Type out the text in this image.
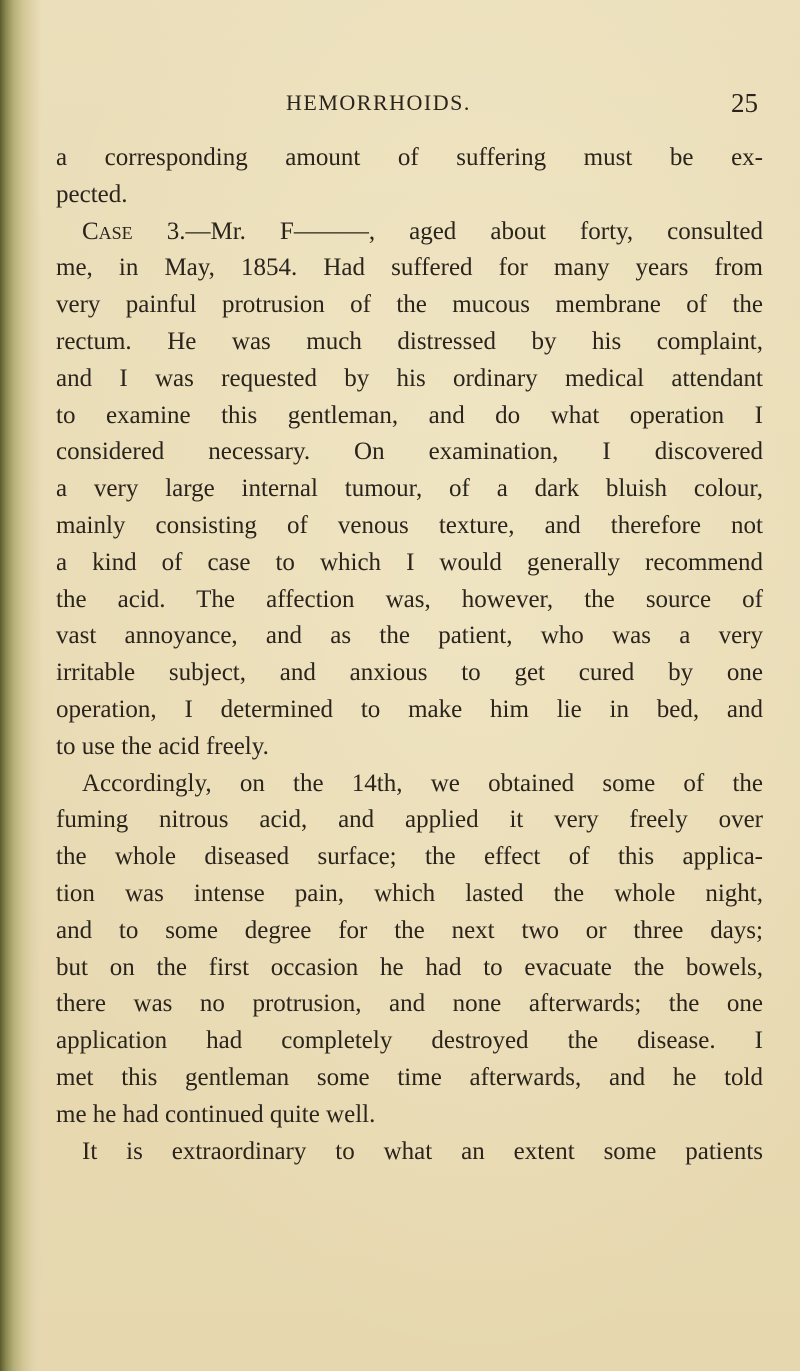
HEMORRHOIDS.	25
a corresponding amount of suffering must be ex-
pected.
Case 3.—Mr. F———, aged about forty, consulted
me, in May, 1854. Had suffered for many years from
very painful protrusion of the mucous membrane of the
rectum. He was much distressed by his complaint,
and I was requested by his ordinary medical attendant
to examine this gentleman, and do what operation I
considered necessary. On examination, I discovered
a very large internal tumour, of a dark bluish colour,
mainly consisting of venous texture, and therefore not
a kind of case to which I would generally recommend
the acid. The affection was, however, the source of
vast annoyance, and as the patient, who was a very
irritable subject, and anxious to get cured by one
operation, I determined to make him lie in bed, and
to use the acid freely.
Accordingly, on the 14th, we obtained some of the
fuming nitrous acid, and applied it very freely over
the whole diseased surface; the effect of this applica-
tion was intense pain, which lasted the whole night,
and to some degree for the next two or three days;
but on the first occasion he had to evacuate the bowels,
there was no protrusion, and none afterwards; the one
application had completely destroyed the disease. I
met this gentleman some time afterwards, and he told
me he had continued quite well.
It is extraordinary to what an extent some patients
